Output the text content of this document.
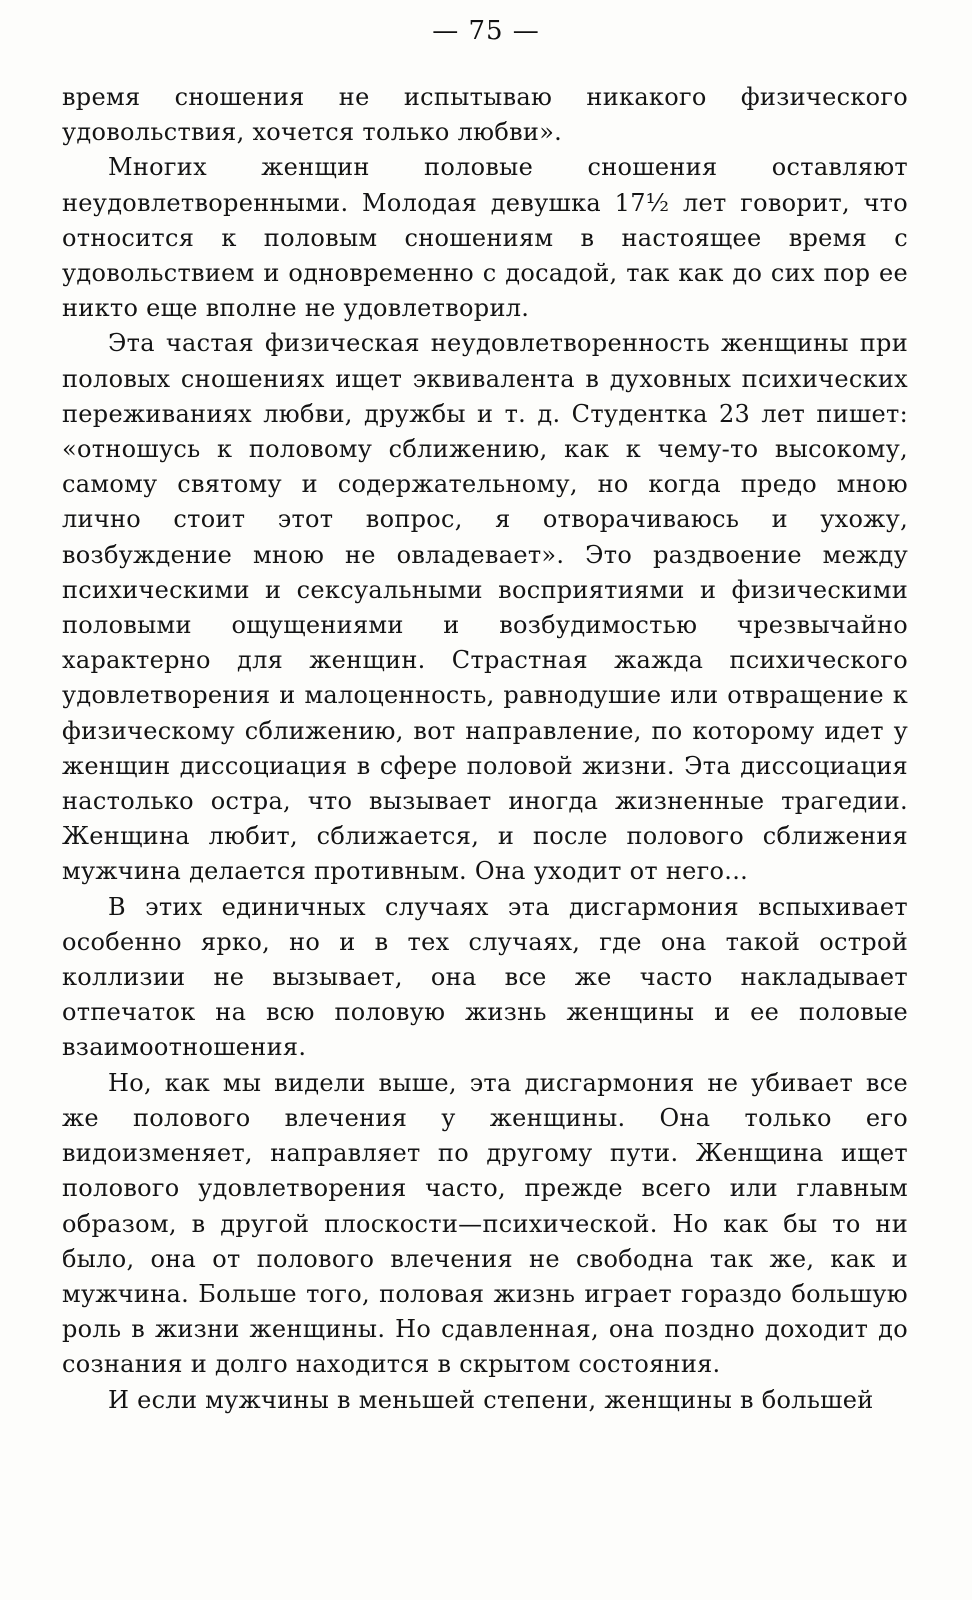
— 75 —

время сношения не испытываю никакого физического удовольствия, хочется только любви».

Многих женщин половые сношения оставляют неудовлетворенными. Молодая девушка 17½ лет говорит, что относится к половым сношениям в настоящее время с удовольствием и одновременно с досадой, так как до сих пор ее никто еще вполне не удовлетворил.

Эта частая физическая неудовлетворенность женщины при половых сношениях ищет эквивалента в духовных психических переживаниях любви, дружбы и т. д. Студентка 23 лет пишет: «отношусь к половому сближению, как к чему-то высокому, самому святому и содержательному, но когда предо мною лично стоит этот вопрос, я отворачиваюсь и ухожу, возбуждение мною не овладевает». Это раздвоение между психическими и сексуальными восприятиями и физическими половыми ощущениями и возбудимостью чрезвычайно характерно для женщин. Страстная жажда психического удовлетворения и малоценность, равнодушие или отвращение к физическому сближению, вот направление, по которому идет у женщин диссоциация в сфере половой жизни. Эта диссоциация настолько остра, что вызывает иногда жизненные трагедии. Женщина любит, сближается, и после полового сближения мужчина делается противным. Она уходит от него...

В этих единичных случаях эта дисгармония вспыхивает особенно ярко, но и в тех случаях, где она такой острой коллизии не вызывает, она все же часто накладывает отпечаток на всю половую жизнь женщины и ее половые взаимоотношения.

Но, как мы видели выше, эта дисгармония не убивает все же полового влечения у женщины. Она только его видоизменяет, направляет по другому пути. Женщина ищет полового удовлетворения часто, прежде всего или главным образом, в другой плоскости—психической. Но как бы то ни было, она от полового влечения не свободна так же, как и мужчина. Больше того, половая жизнь играет гораздо большую роль в жизни женщины. Но сдавленная, она поздно доходит до сознания и долго находится в скрытом состояния.

И если мужчины в меньшей степени, женщины в большей
